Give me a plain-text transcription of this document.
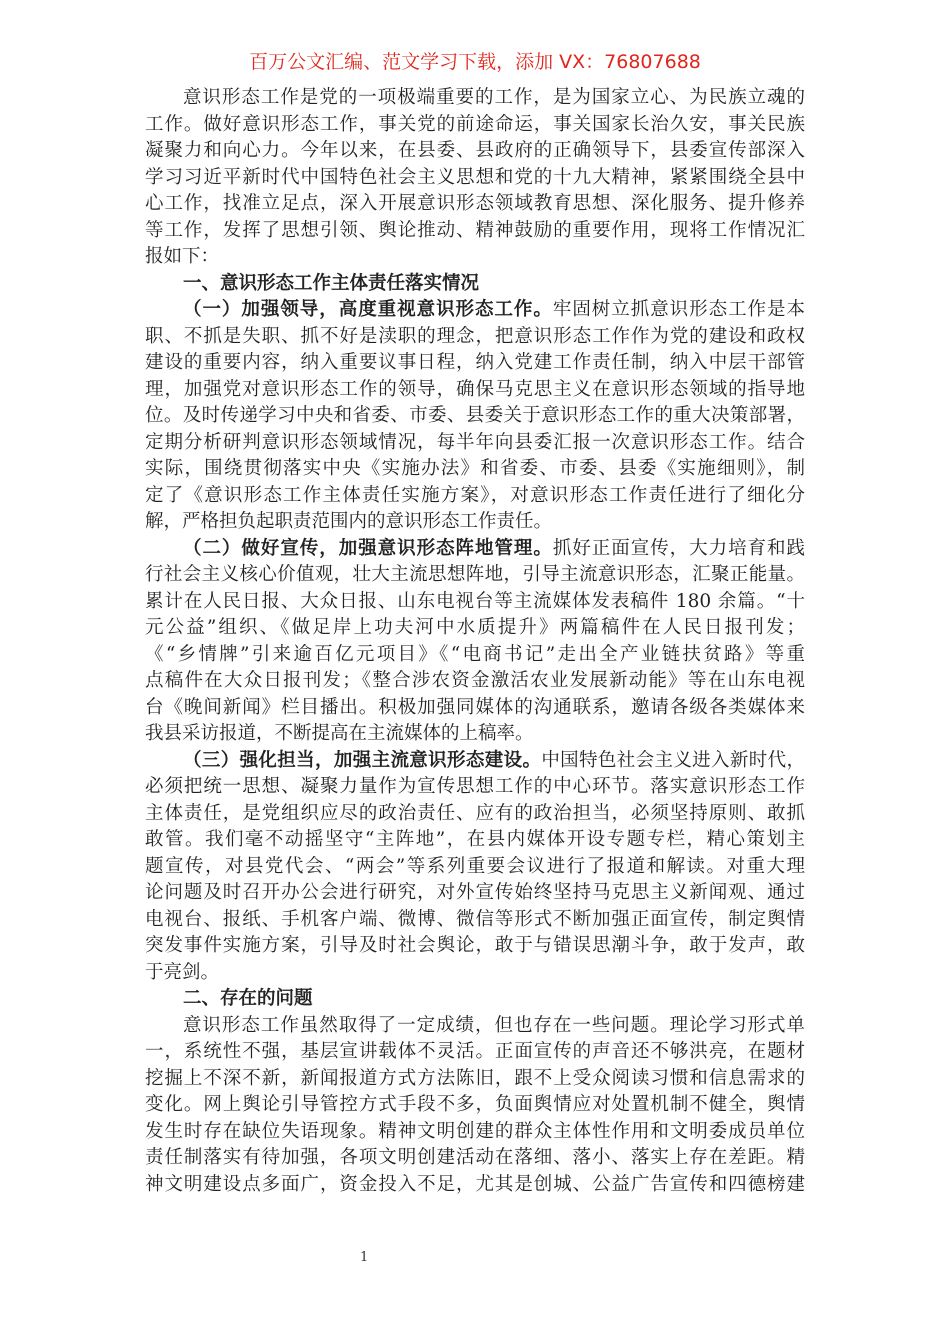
百万公文汇编、范文学习下载，添加 VX：76807688
意识形态工作是党的一项极端重要的工作，是为国家立心、为民族立魂的
工作。做好意识形态工作，事关党的前途命运，事关国家长治久安，事关民族
凝聚力和向心力。今年以来，在县委、县政府的正确领导下，县委宣传部深入
学习习近平新时代中国特色社会主义思想和党的十九大精神，紧紧围绕全县中
心工作，找准立足点，深入开展意识形态领域教育思想、深化服务、提升修养
等工作，发挥了思想引领、舆论推动、精神鼓励的重要作用，现将工作情况汇
报如下：
一、意识形态工作主体责任落实情况
（一）加强领导，高度重视意识形态工作。牢固树立抓意识形态工作是本
职、不抓是失职、抓不好是渎职的理念，把意识形态工作作为党的建设和政权
建设的重要内容，纳入重要议事日程，纳入党建工作责任制，纳入中层干部管
理，加强党对意识形态工作的领导，确保马克思主义在意识形态领域的指导地
位。及时传递学习中央和省委、市委、县委关于意识形态工作的重大决策部署，
定期分析研判意识形态领域情况，每半年向县委汇报一次意识形态工作。结合
实际，围绕贯彻落实中央《实施办法》和省委、市委、县委《实施细则》，制
定了《意识形态工作主体责任实施方案》，对意识形态工作责任进行了细化分
解，严格担负起职责范围内的意识形态工作责任。
（二）做好宣传，加强意识形态阵地管理。抓好正面宣传，大力培育和践
行社会主义核心价值观，壮大主流思想阵地，引导主流意识形态，汇聚正能量。
累计在人民日报、大众日报、山东电视台等主流媒体发表稿件 180 余篇。“十
元公益”组织、《做足岸上功夫河中水质提升》两篇稿件在人民日报刊发；
《“乡情牌”引来逾百亿元项目》《“电商书记”走出全产业链扶贫路》等重
点稿件在大众日报刊发；《整合涉农资金激活农业发展新动能》等在山东电视
台《晚间新闻》栏目播出。积极加强同媒体的沟通联系，邀请各级各类媒体来
我县采访报道，不断提高在主流媒体的上稿率。
（三）强化担当，加强主流意识形态建设。中国特色社会主义进入新时代，
必须把统一思想、凝聚力量作为宣传思想工作的中心环节。落实意识形态工作
主体责任，是党组织应尽的政治责任、应有的政治担当，必须坚持原则、敢抓
敢管。我们毫不动摇坚守“主阵地”，在县内媒体开设专题专栏，精心策划主
题宣传，对县党代会、“两会”等系列重要会议进行了报道和解读。对重大理
论问题及时召开办公会进行研究，对外宣传始终坚持马克思主义新闻观、通过
电视台、报纸、手机客户端、微博、微信等形式不断加强正面宣传，制定舆情
突发事件实施方案，引导及时社会舆论，敢于与错误思潮斗争，敢于发声，敢
于亮剑。
二、存在的问题
意识形态工作虽然取得了一定成绩，但也存在一些问题。理论学习形式单
一，系统性不强，基层宣讲载体不灵活。正面宣传的声音还不够洪亮，在题材
挖掘上不深不新，新闻报道方式方法陈旧，跟不上受众阅读习惯和信息需求的
变化。网上舆论引导管控方式手段不多，负面舆情应对处置机制不健全，舆情
发生时存在缺位失语现象。精神文明创建的群众主体性作用和文明委成员单位
责任制落实有待加强，各项文明创建活动在落细、落小、落实上存在差距。精
神文明建设点多面广，资金投入不足，尤其是创城、公益广告宣传和四德榜建
1
